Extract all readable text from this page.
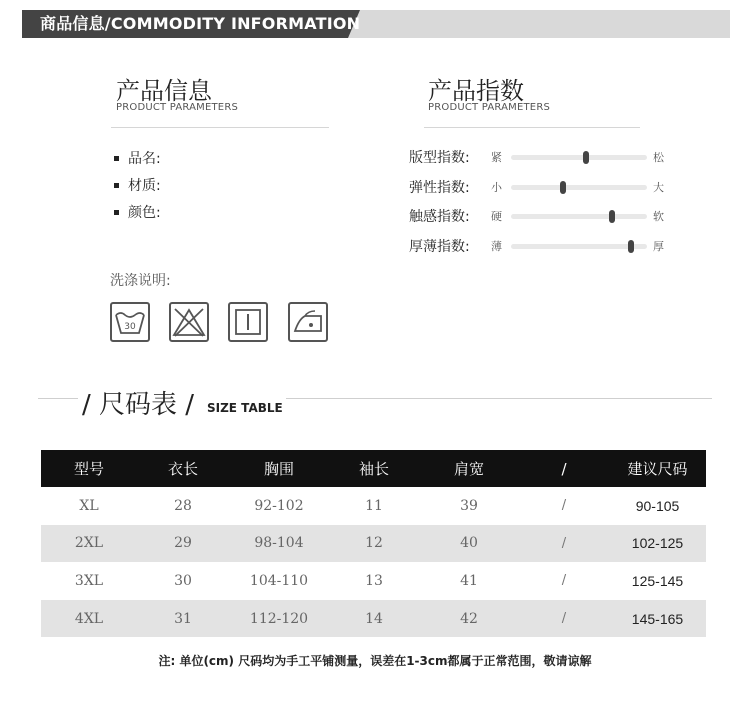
商品信息/COMMODITY INFORMATION
产品信息
PRODUCT PARAMETERS
品名:
材质:
颜色:
产品指数
PRODUCT PARAMETERS
版型指数:	紧	松
弹性指数:	小	大
触感指数:	硬	软
厚薄指数:	薄	厚
洗涤说明:
30
/ 尺码表 / SIZE TABLE
型号	衣长	胸围	袖长	肩宽	/	建议尺码
XL	28	92-102	11	39	/	90-105
2XL	29	98-104	12	40	/	102-125
3XL	30	104-110	13	41	/	125-145
4XL	31	112-120	14	42	/	145-165
注: 单位(cm) 尺码均为手工平铺测量，误差在1-3cm都属于正常范围，敬请谅解
